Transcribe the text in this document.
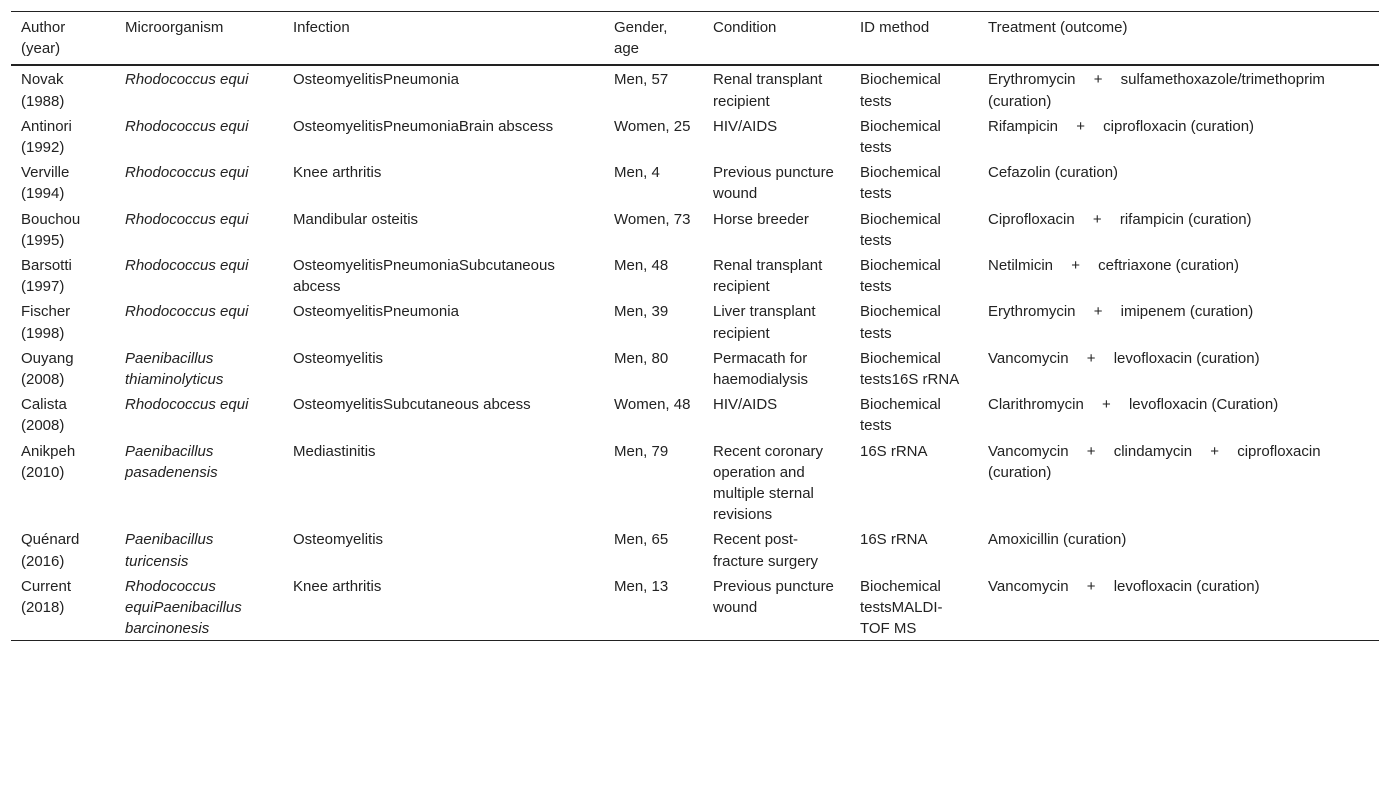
Author (year)	Microorganism	Infection	Gender, age	Condition	ID method	Treatment (outcome)
Novak (1988)	Rhodococcus equi	OsteomyelitisPneumonia	Men, 57	Renal transplant recipient	Biochemical tests	Erythromycin + sulfamethoxazole/trimethoprim (curation)
Antinori (1992)	Rhodococcus equi	OsteomyelitisPneumoniaBrain abscess	Women, 25	HIV/AIDS	Biochemical tests	Rifampicin + ciprofloxacin (curation)
Verville (1994)	Rhodococcus equi	Knee arthritis	Men, 4	Previous puncture wound	Biochemical tests	Cefazolin (curation)
Bouchou (1995)	Rhodococcus equi	Mandibular osteitis	Women, 73	Horse breeder	Biochemical tests	Ciprofloxacin + rifampicin (curation)
Barsotti (1997)	Rhodococcus equi	OsteomyelitisPneumoniaSubcutaneous abcess	Men, 48	Renal transplant recipient	Biochemical tests	Netilmicin + ceftriaxone (curation)
Fischer (1998)	Rhodococcus equi	OsteomyelitisPneumonia	Men, 39	Liver transplant recipient	Biochemical tests	Erythromycin + imipenem (curation)
Ouyang (2008)	Paenibacillus thiaminolyticus	Osteomyelitis	Men, 80	Permacath for haemodialysis	Biochemical tests16S rRNA	Vancomycin + levofloxacin (curation)
Calista (2008)	Rhodococcus equi	OsteomyelitisSubcutaneous abcess	Women, 48	HIV/AIDS	Biochemical tests	Clarithromycin + levofloxacin (Curation)
Anikpeh (2010)	Paenibacillus pasadenensis	Mediastinitis	Men, 79	Recent coronary operation and multiple sternal revisions	16S rRNA	Vancomycin + clindamycin + ciprofloxacin (curation)
Quénard (2016)	Paenibacillus turicensis	Osteomyelitis	Men, 65	Recent post-fracture surgery	16S rRNA	Amoxicillin (curation)
Current (2018)	Rhodococcus equiPaenibacillus barcinonesis	Knee arthritis	Men, 13	Previous puncture wound	Biochemical testsMALDI-TOF MS	Vancomycin + levofloxacin (curation)
